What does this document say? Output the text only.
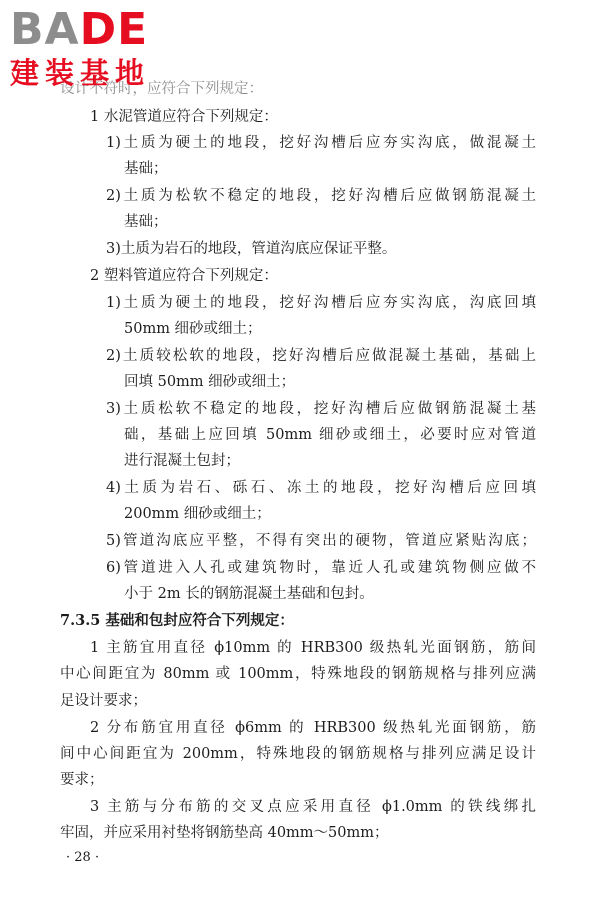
BADE
建装基地
设计不符时，应符合下列规定：
1 水泥管道应符合下列规定：
1)土质为硬土的地段，挖好沟槽后应夯实沟底，做混凝土
基础；
2)土质为松软不稳定的地段，挖好沟槽后应做钢筋混凝土
基础；
3)土质为岩石的地段，管道沟底应保证平整。
2 塑料管道应符合下列规定：
1)土质为硬土的地段，挖好沟槽后应夯实沟底，沟底回填
50mm 细砂或细土；
2)土质较松软的地段，挖好沟槽后应做混凝土基础，基础上
回填 50mm 细砂或细土；
3)土质松软不稳定的地段，挖好沟槽后应做钢筋混凝土基
础，基础上应回填 50mm 细砂或细土，必要时应对管道
进行混凝土包封；
4)土质为岩石、砾石、冻土的地段，挖好沟槽后应回填
200mm 细砂或细土；
5)管道沟底应平整，不得有突出的硬物，管道应紧贴沟底；
6)管道进入人孔或建筑物时，靠近人孔或建筑物侧应做不
小于 2m 长的钢筋混凝土基础和包封。
7.3.5 基础和包封应符合下列规定：
1 主筋宜用直径 ϕ10mm 的 HRB300 级热轧光面钢筋，筋间
中心间距宜为 80mm 或 100mm，特殊地段的钢筋规格与排列应满
足设计要求；
2 分布筋宜用直径 ϕ6mm 的 HRB300 级热轧光面钢筋，筋
间中心间距宜为 200mm，特殊地段的钢筋规格与排列应满足设计
要求；
3 主筋与分布筋的交叉点应采用直径 ϕ1.0mm 的铁线绑扎
牢固，并应采用衬垫将钢筋垫高 40mm～50mm；
· 28 ·
